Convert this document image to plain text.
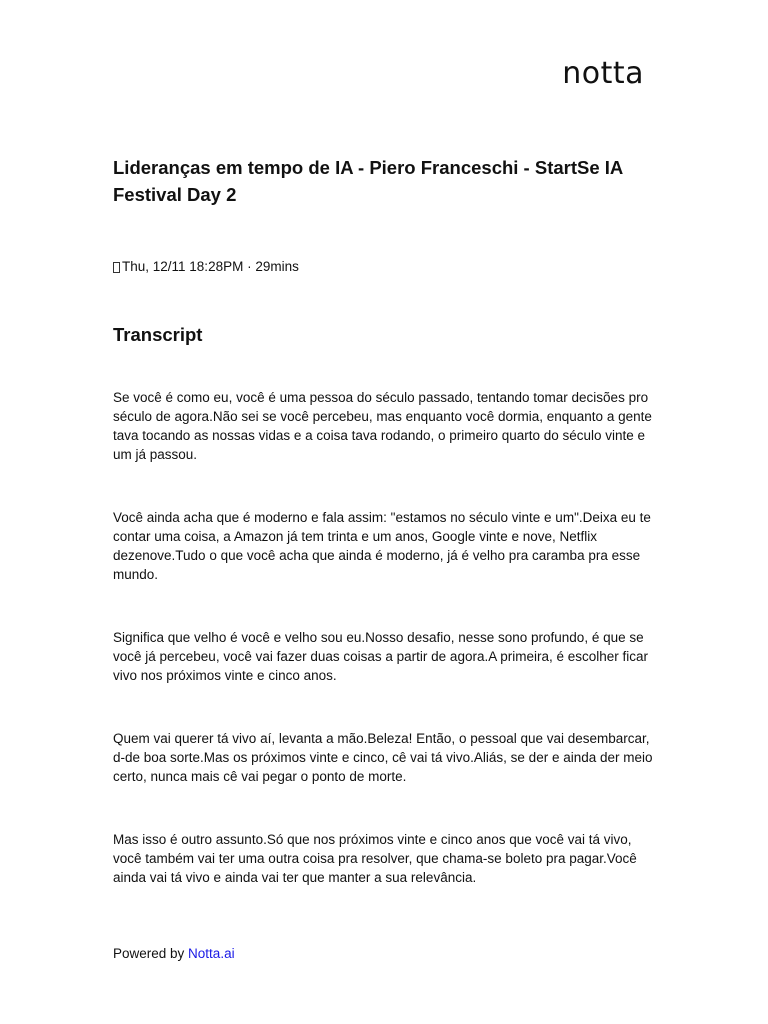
notta
Lideranças em tempo de IA - Piero Franceschi - StartSe IA Festival Day 2
Thu, 12/11 18:28PM · 29mins
Transcript

Se você é como eu, você é uma pessoa do século passado, tentando tomar decisões pro século de agora.Não sei se você percebeu, mas enquanto você dormia, enquanto a gente tava tocando as nossas vidas e a coisa tava rodando, o primeiro quarto do século vinte e um já passou.

Você ainda acha que é moderno e fala assim: "estamos no século vinte e um".Deixa eu te contar uma coisa, a Amazon já tem trinta e um anos, Google vinte e nove, Netflix dezenove.Tudo o que você acha que ainda é moderno, já é velho pra caramba pra esse mundo.

Significa que velho é você e velho sou eu.Nosso desafio, nesse sono profundo, é que se você já percebeu, você vai fazer duas coisas a partir de agora.A primeira, é escolher ficar vivo nos próximos vinte e cinco anos.

Quem vai querer tá vivo aí, levanta a mão.Beleza! Então, o pessoal que vai desembarcar, d-de boa sorte.Mas os próximos vinte e cinco, cê vai tá vivo.Aliás, se der e ainda der meio certo, nunca mais cê vai pegar o ponto de morte.

Mas isso é outro assunto.Só que nos próximos vinte e cinco anos que você vai tá vivo, você também vai ter uma outra coisa pra resolver, que chama-se boleto pra pagar.Você ainda vai tá vivo e ainda vai ter que manter a sua relevância.

Powered by Notta.ai
